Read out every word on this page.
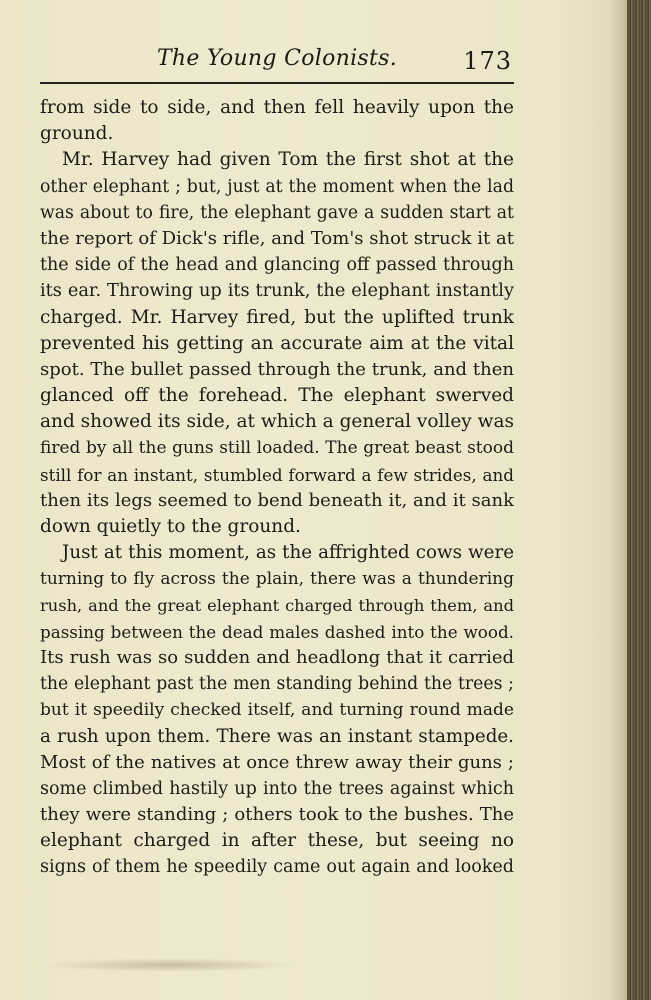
The Young Colonists.	173
from side to side, and then fell heavily upon the
ground.
Mr. Harvey had given Tom the first shot at the
other elephant ; but, just at the moment when the lad
was about to fire, the elephant gave a sudden start at
the report of Dick's rifle, and Tom's shot struck it at
the side of the head and glancing off passed through
its ear. Throwing up its trunk, the elephant instantly
charged. Mr. Harvey fired, but the uplifted trunk
prevented his getting an accurate aim at the vital
spot. The bullet passed through the trunk, and then
glanced off the forehead. The elephant swerved
and showed its side, at which a general volley was
fired by all the guns still loaded. The great beast stood
still for an instant, stumbled forward a few strides, and
then its legs seemed to bend beneath it, and it sank
down quietly to the ground.
Just at this moment, as the affrighted cows were
turning to fly across the plain, there was a thundering
rush, and the great elephant charged through them, and
passing between the dead males dashed into the wood.
Its rush was so sudden and headlong that it carried
the elephant past the men standing behind the trees ;
but it speedily checked itself, and turning round made
a rush upon them. There was an instant stampede.
Most of the natives at once threw away their guns ;
some climbed hastily up into the trees against which
they were standing ; others took to the bushes. The
elephant charged in after these, but seeing no
signs of them he speedily came out again and looked
